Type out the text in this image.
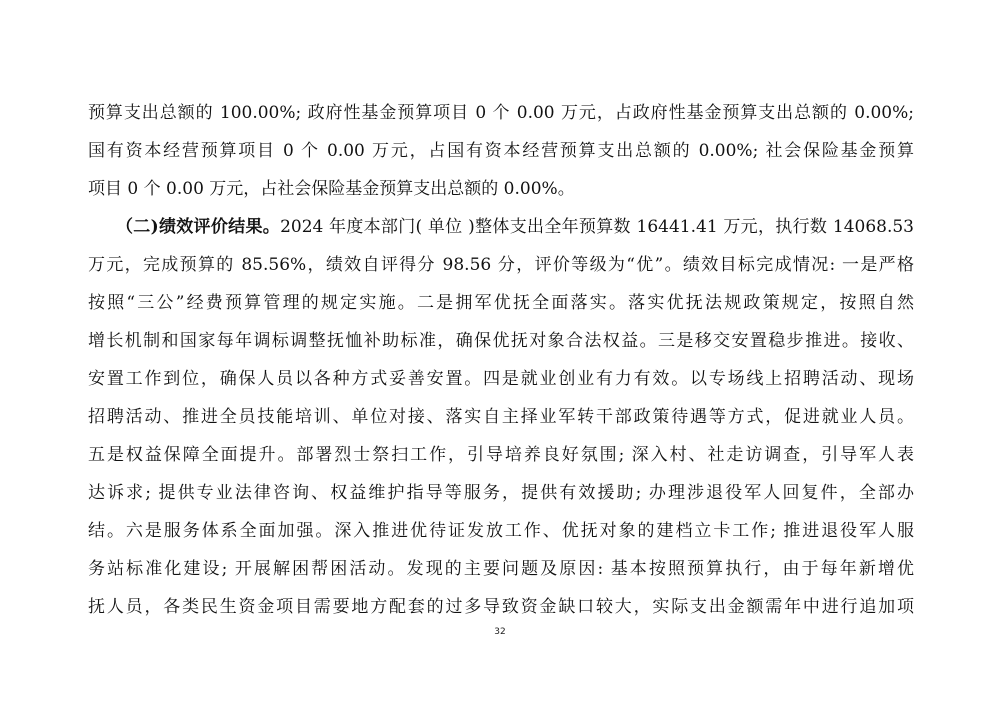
预算支出总额的 100.00%; 政府性基金预算项目 0 个 0.00 万元，占政府性基金预算支出总额的 0.00%;
国有资本经营预算项目 0 个 0.00 万元，占国有资本经营预算支出总额的 0.00%; 社会保险基金预算
项目 0 个 0.00 万元，占社会保险基金预算支出总额的 0.00%。
（二)绩效评价结果。2024 年度本部门( 单位 )整体支出全年预算数 16441.41 万元，执行数 14068.53
万元，完成预算的 85.56%，绩效自评得分 98.56 分，评价等级为“优”。绩效目标完成情况: 一是严格
按照“三公”经费预算管理的规定实施。二是拥军优抚全面落实。落实优抚法规政策规定，按照自然
增长机制和国家每年调标调整抚恤补助标准，确保优抚对象合法权益。三是移交安置稳步推进。接收、
安置工作到位，确保人员以各种方式妥善安置。四是就业创业有力有效。以专场线上招聘活动、现场
招聘活动、推进全员技能培训、单位对接、落实自主择业军转干部政策待遇等方式，促进就业人员。
五是权益保障全面提升。部署烈士祭扫工作，引导培养良好氛围; 深入村、社走访调查，引导军人表
达诉求; 提供专业法律咨询、权益维护指导等服务，提供有效援助; 办理涉退役军人回复件，全部办
结。六是服务体系全面加强。深入推进优待证发放工作、优抚对象的建档立卡工作; 推进退役军人服
务站标准化建设; 开展解困帮困活动。发现的主要问题及原因: 基本按照预算执行，由于每年新增优
抚人员，各类民生资金项目需要地方配套的过多导致资金缺口较大，实际支出金额需年中进行追加项
32
